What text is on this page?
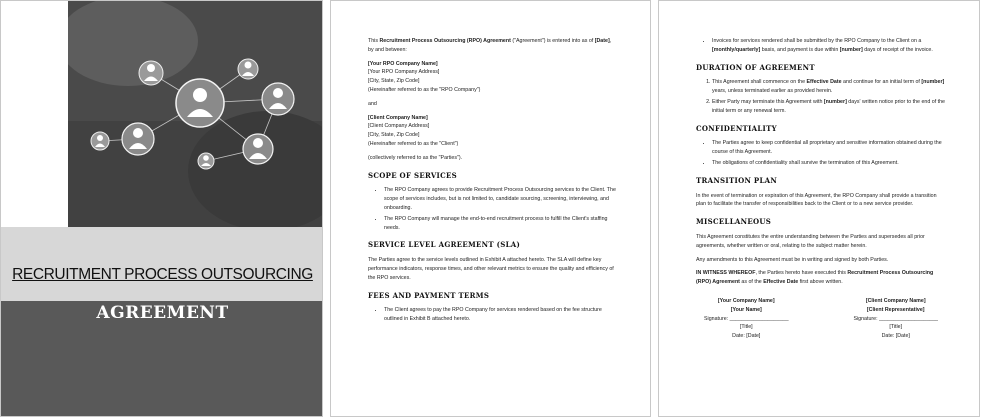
RECRUITMENT PROCESS OUTSOURCING
AGREEMENT

This Recruitment Process Outsourcing (RPO) Agreement ("Agreement") is entered into as of [Date], by and between:

[Your RPO Company Name]
[Your RPO Company Address]
[City, State, Zip Code]
(Hereinafter referred to as the "RPO Company")

and

[Client Company Name]
[Client Company Address]
[City, State, Zip Code]
(Hereinafter referred to as the "Client")

(collectively referred to as the "Parties").

SCOPE OF SERVICES
• The RPO Company agrees to provide Recruitment Process Outsourcing services to the Client. The scope of services includes, but is not limited to, candidate sourcing, screening, interviewing, and onboarding.
• The RPO Company will manage the end-to-end recruitment process to fulfill the Client's staffing needs.
SERVICE LEVEL AGREEMENT (SLA)

The Parties agree to the service levels outlined in Exhibit A attached hereto. The SLA will define key performance indicators, response times, and other relevant metrics to ensure the quality and efficiency of the RPO services.

FEES AND PAYMENT TERMS
• The Client agrees to pay the RPO Company for services rendered based on the fee structure outlined in Exhibit B attached hereto.
• Invoices for services rendered shall be submitted by the RPO Company to the Client on a [monthly/quarterly] basis, and payment is due within [number] days of receipt of the invoice.
DURATION OF AGREEMENT
1. This Agreement shall commence on the Effective Date and continue for an initial term of [number] years, unless terminated earlier as provided herein.
2. Either Party may terminate this Agreement with [number] days' written notice prior to the end of the initial term or any renewal term.
CONFIDENTIALITY
• The Parties agree to keep confidential all proprietary and sensitive information obtained during the course of this Agreement.
• The obligations of confidentiality shall survive the termination of this Agreement.
TRANSITION PLAN

In the event of termination or expiration of this Agreement, the RPO Company shall provide a transition plan to facilitate the transfer of responsibilities back to the Client or to a new service provider.

MISCELLANEOUS

This Agreement constitutes the entire understanding between the Parties and supersedes all prior agreements, whether written or oral, relating to the subject matter herein.

Any amendments to this Agreement must be in writing and signed by both Parties.

IN WITNESS WHEREOF, the Parties hereto have executed this Recruitment Process Outsourcing (RPO) Agreement as of the Effective Date first above written.

[Your Company Name]
[Your Name]
Signature: ____________________
[Title]
Date: [Date]
[Client Company Name]
[Client Representative]
Signature: ____________________
[Title]
Date: [Date]
